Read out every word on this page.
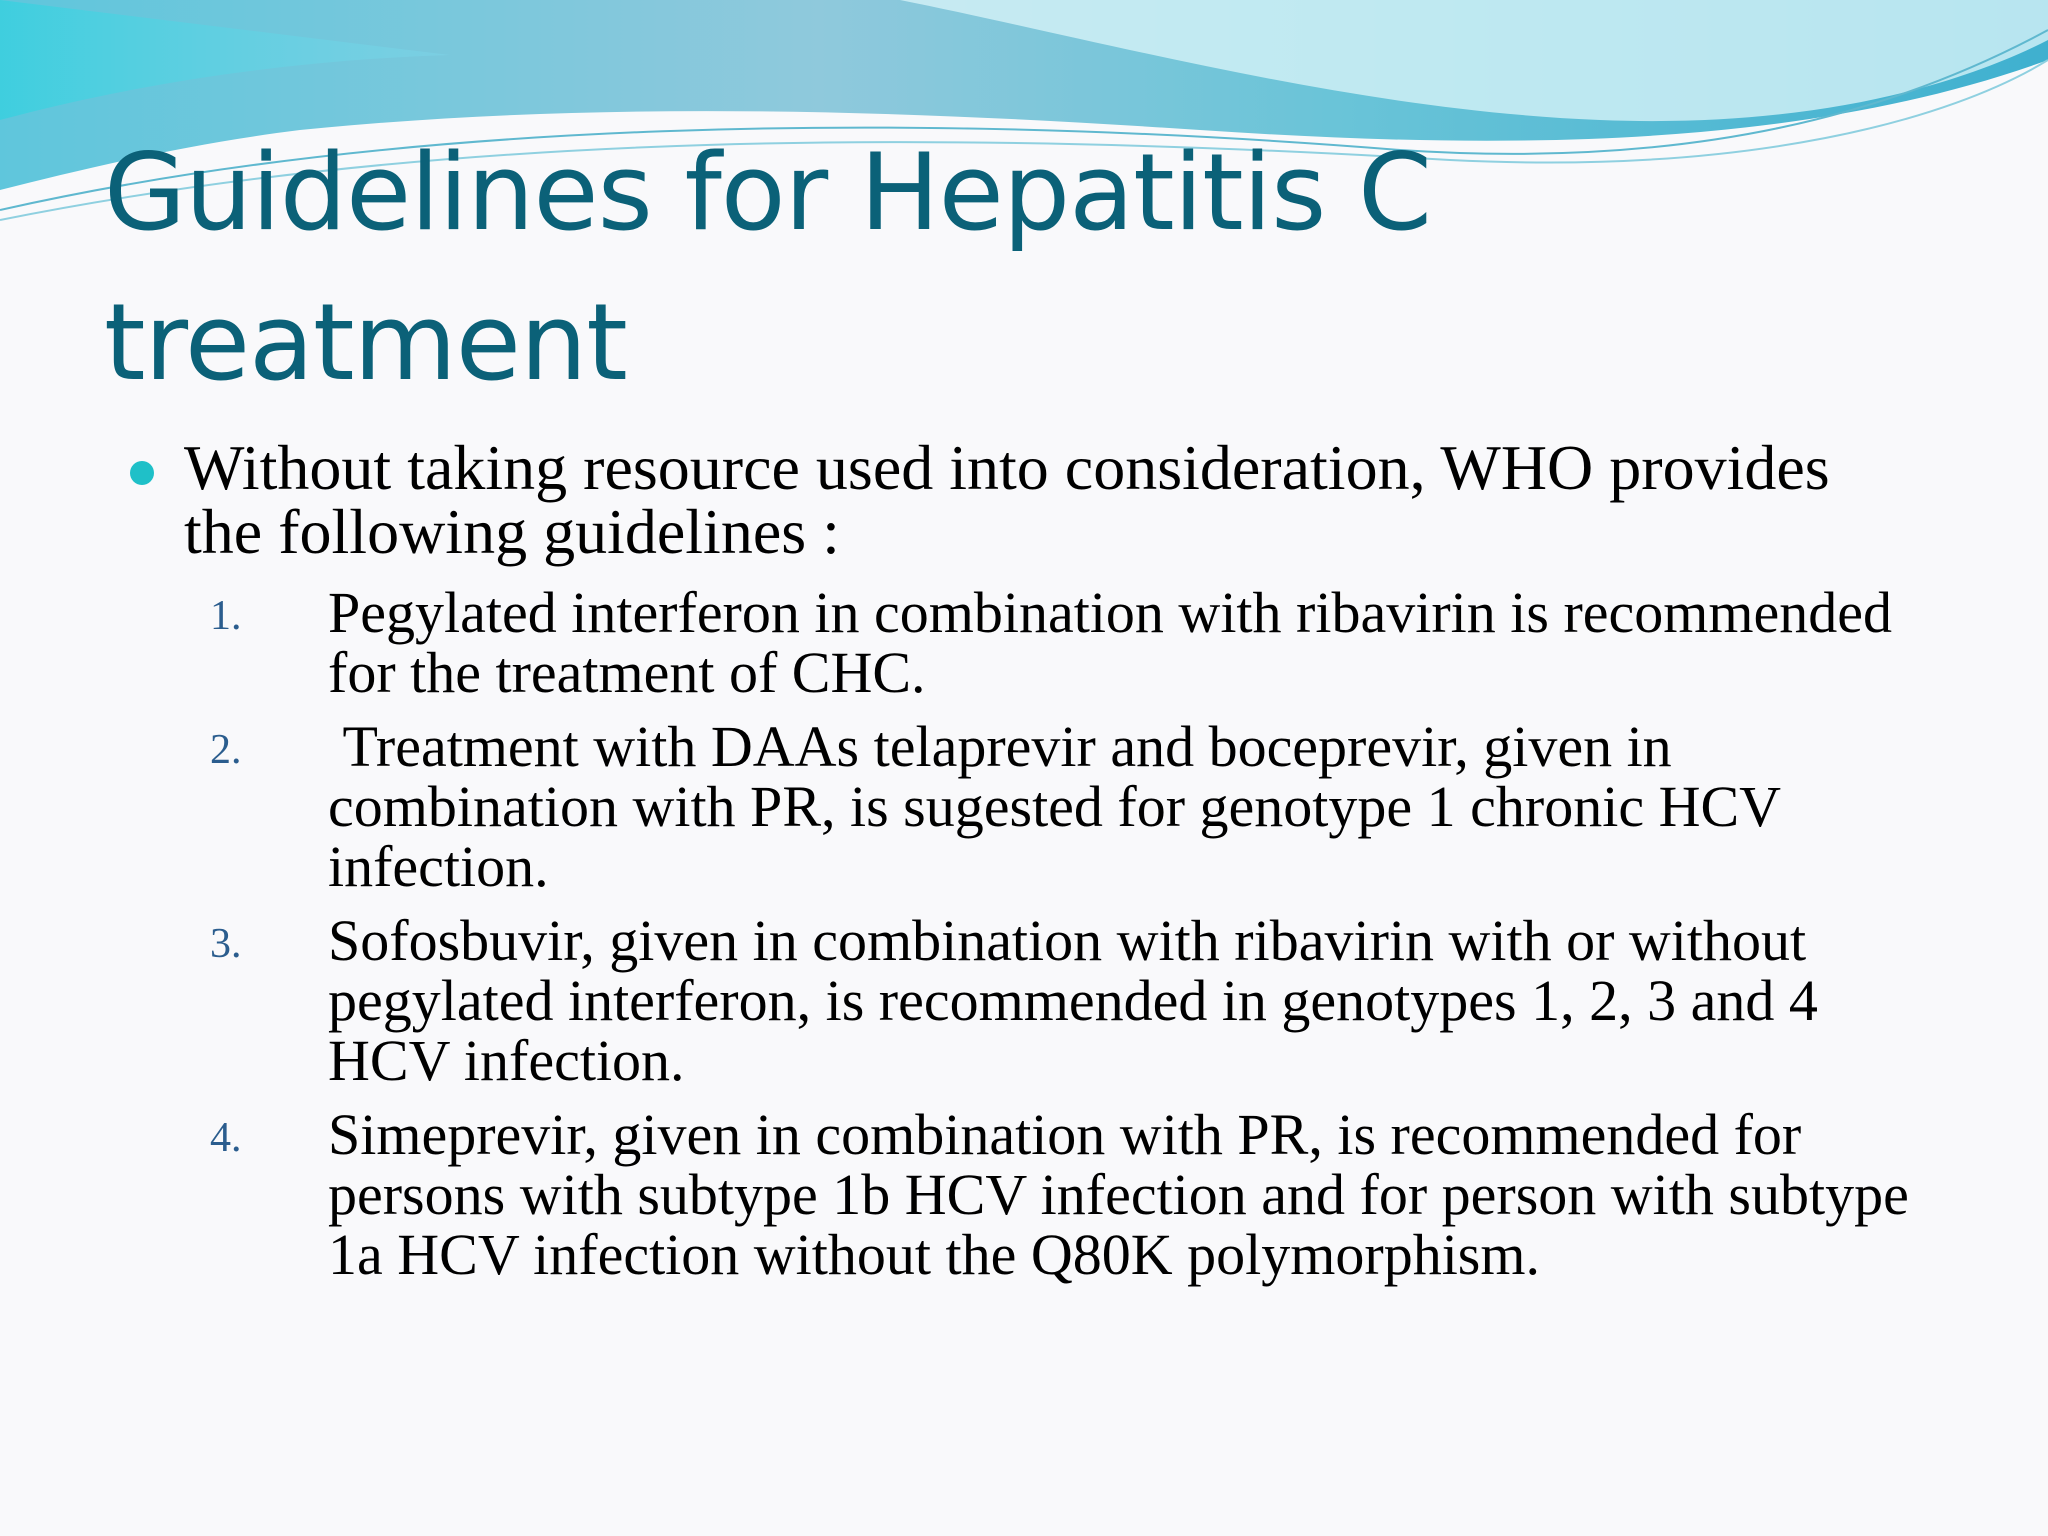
Guidelines for Hepatitis C treatment
Without taking resource used into consideration, WHO provides the following guidelines :
1.	Pegylated interferon in combination with ribavirin is recommended for the treatment of CHC.
2.	Treatment with DAAs telaprevir and boceprevir, given in combination with PR, is sugested for genotype 1 chronic HCV infection.
3.	Sofosbuvir, given in combination with ribavirin with or without pegylated interferon, is recommended in genotypes 1, 2, 3 and 4 HCV infection.
4.	Simeprevir, given in combination with PR, is recommended for persons with subtype 1b HCV infection and for person with subtype 1a HCV infection without the Q80K polymorphism.
